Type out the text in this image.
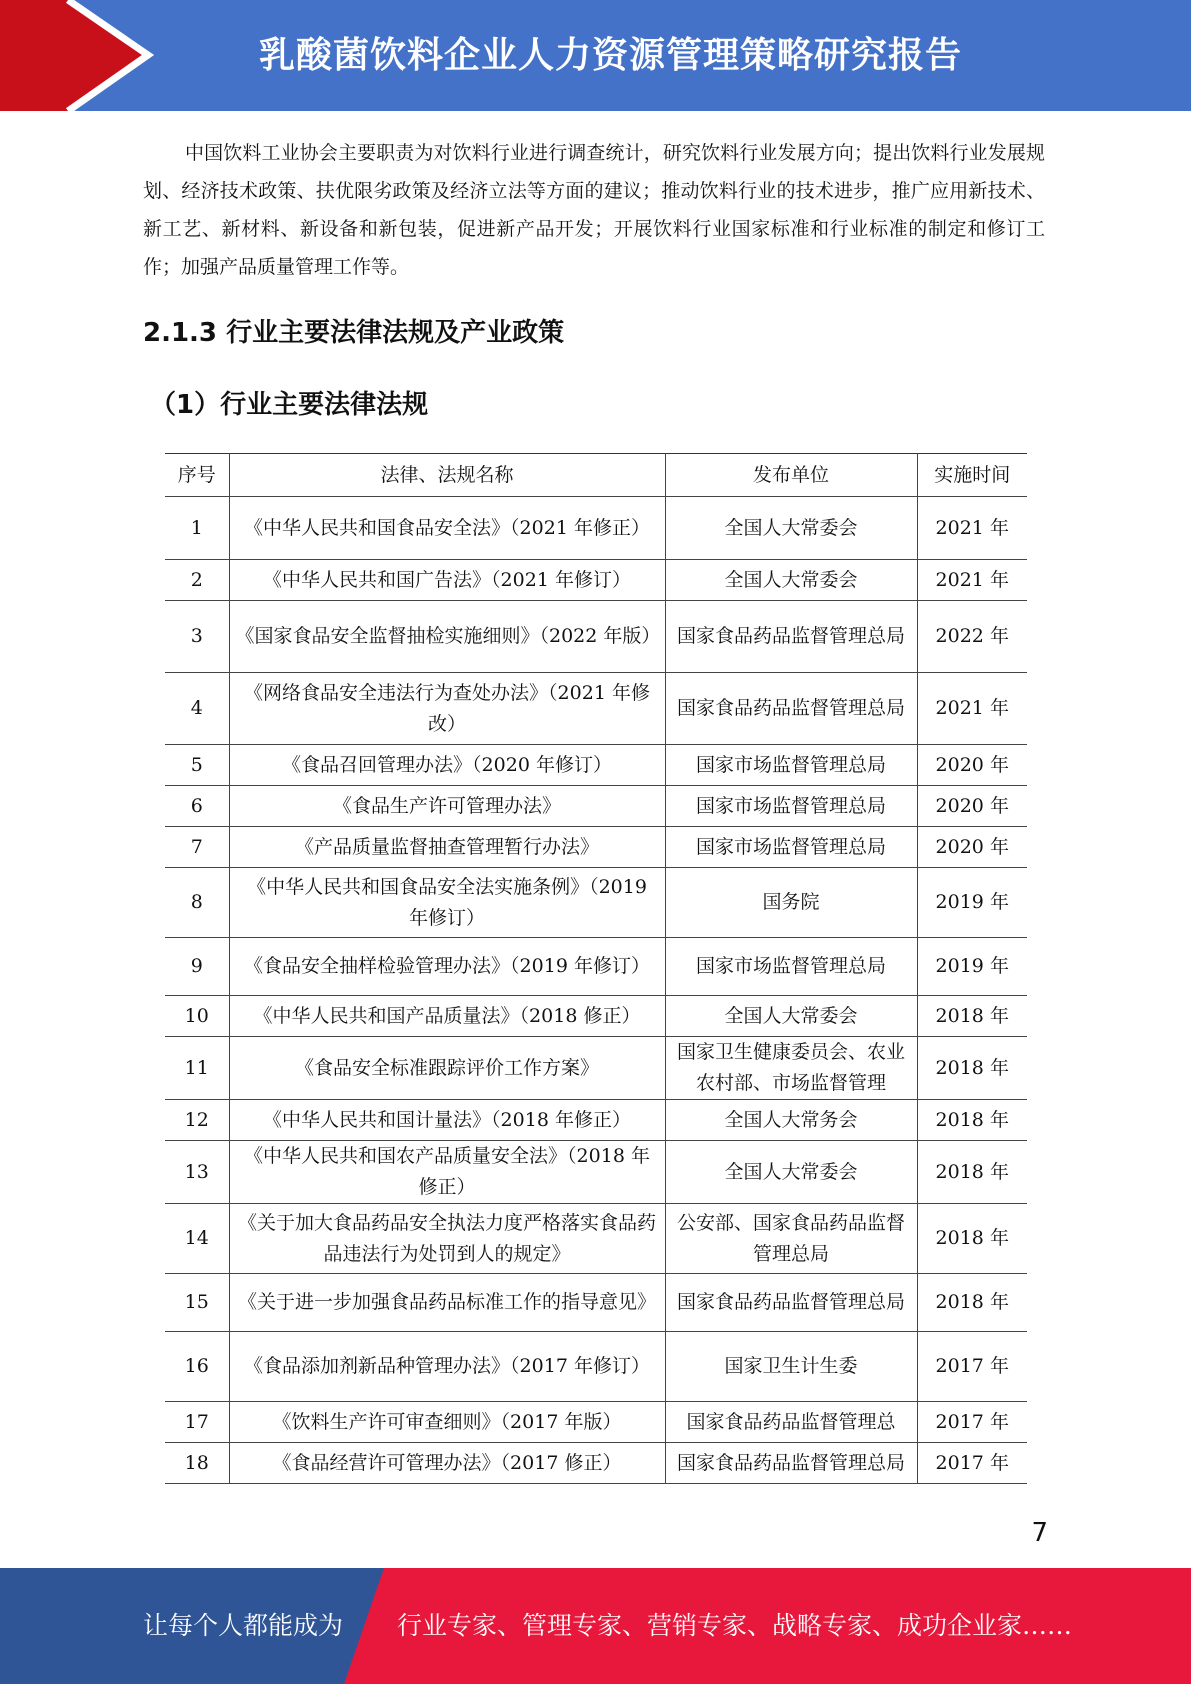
乳酸菌饮料企业人力资源管理策略研究报告
中国饮料工业协会主要职责为对饮料行业进行调查统计，研究饮料行业发展方向；提出饮料行业发展规划、经济技术政策、扶优限劣政策及经济立法等方面的建议；推动饮料行业的技术进步，推广应用新技术、新工艺、新材料、新设备和新包装，促进新产品开发；开展饮料行业国家标准和行业标准的制定和修订工作；加强产品质量管理工作等。
2.1.3 行业主要法律法规及产业政策
（1）行业主要法律法规
序号	法律、法规名称	发布单位	实施时间
1	《中华人民共和国食品安全法》（2021 年修正）	全国人大常委会	2021 年
2	《中华人民共和国广告法》（2021 年修订）	全国人大常委会	2021 年
3	《国家食品安全监督抽检实施细则》（2022 年版）	国家食品药品监督管理总局	2022 年
4	《网络食品安全违法行为查处办法》（2021 年修改）	国家食品药品监督管理总局	2021 年
5	《食品召回管理办法》（2020 年修订）	国家市场监督管理总局	2020 年
6	《食品生产许可管理办法》	国家市场监督管理总局	2020 年
7	《产品质量监督抽查管理暂行办法》	国家市场监督管理总局	2020 年
8	《中华人民共和国食品安全法实施条例》（2019 年修订）	国务院	2019 年
9	《食品安全抽样检验管理办法》（2019 年修订）	国家市场监督管理总局	2019 年
10	《中华人民共和国产品质量法》（2018 修正）	全国人大常委会	2018 年
11	《食品安全标准跟踪评价工作方案》	国家卫生健康委员会、农业农村部、市场监督管理	2018 年
12	《中华人民共和国计量法》（2018 年修正）	全国人大常务会	2018 年
13	《中华人民共和国农产品质量安全法》（2018 年修正）	全国人大常委会	2018 年
14	《关于加大食品药品安全执法力度严格落实食品药品违法行为处罚到人的规定》	公安部、国家食品药品监督管理总局	2018 年
15	《关于进一步加强食品药品标准工作的指导意见》	国家食品药品监督管理总局	2018 年
16	《食品添加剂新品种管理办法》（2017 年修订）	国家卫生计生委	2017 年
17	《饮料生产许可审查细则》（2017 年版）	国家食品药品监督管理总	2017 年
18	《食品经营许可管理办法》（2017 修正）	国家食品药品监督管理总局	2017 年
7
让每个人都能成为 行业专家、管理专家、营销专家、战略专家、成功企业家……
